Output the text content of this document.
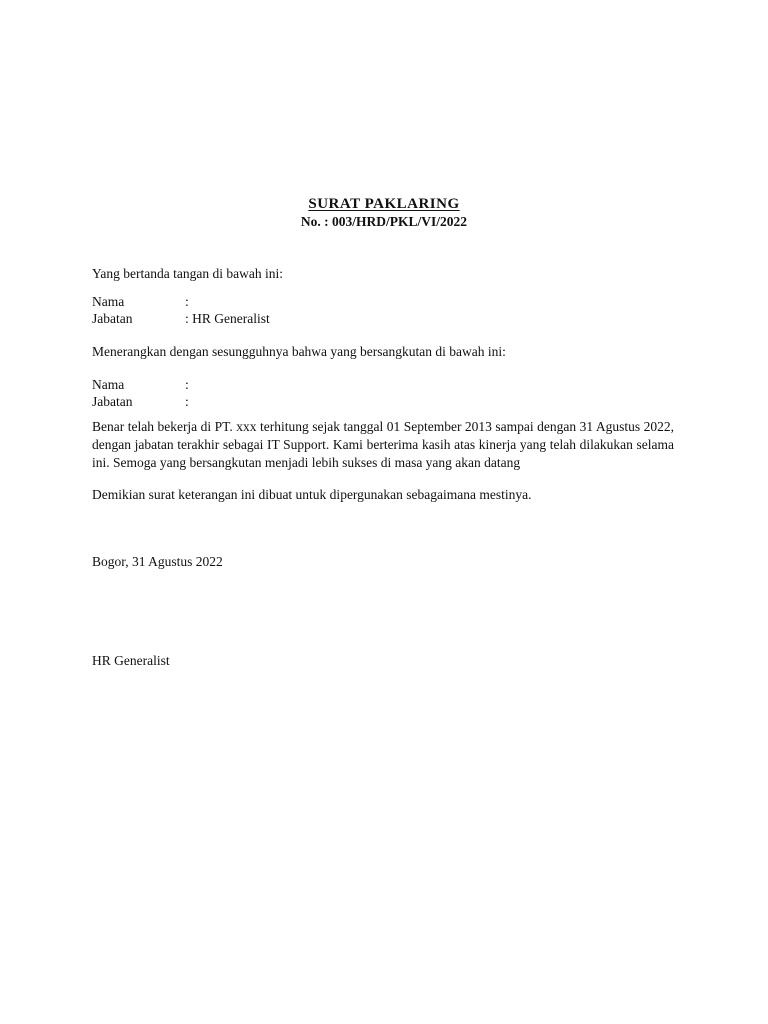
SURAT PAKLARING
No. : 003/HRD/PKL/VI/2022
Yang bertanda tangan di bawah ini:
Nama	:
Jabatan	: HR Generalist
Menerangkan dengan sesungguhnya bahwa yang bersangkutan di bawah ini:
Nama	:
Jabatan	:
Benar telah bekerja di PT. xxx terhitung sejak tanggal 01 September 2013 sampai dengan 31 Agustus 2022, dengan jabatan terakhir sebagai IT Support. Kami berterima kasih atas kinerja yang telah dilakukan selama ini. Semoga yang bersangkutan menjadi lebih sukses di masa yang akan datang
Demikian surat keterangan ini dibuat untuk dipergunakan sebagaimana mestinya.
Bogor, 31 Agustus 2022
HR Generalist
